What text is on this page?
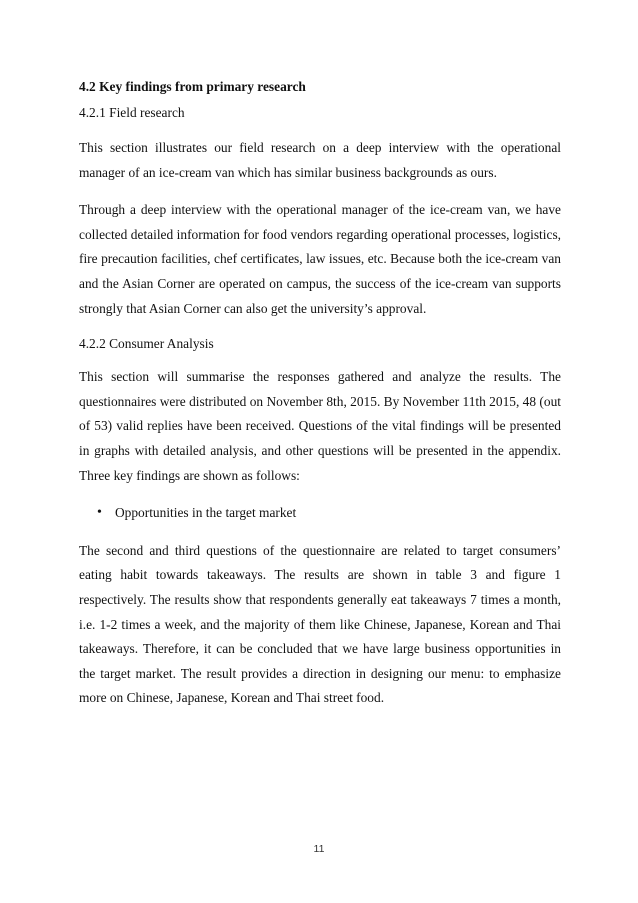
4.2 Key findings from primary research
4.2.1 Field research

This section illustrates our field research on a deep interview with the operational manager of an ice-cream van which has similar business backgrounds as ours.

Through a deep interview with the operational manager of the ice-cream van, we have collected detailed information for food vendors regarding operational processes, logistics, fire precaution facilities, chef certificates, law issues, etc. Because both the ice-cream van and the Asian Corner are operated on campus, the success of the ice-cream van supports strongly that Asian Corner can also get the university’s approval.

4.2.2 Consumer Analysis

This section will summarise the responses gathered and analyze the results. The questionnaires were distributed on November 8th, 2015. By November 11th 2015, 48 (out of 53) valid replies have been received. Questions of the vital findings will be presented in graphs with detailed analysis, and other questions will be presented in the appendix. Three key findings are shown as follows:

• Opportunities in the target market

The second and third questions of the questionnaire are related to target consumers’ eating habit towards takeaways. The results are shown in table 3 and figure 1 respectively. The results show that respondents generally eat takeaways 7 times a month, i.e. 1-2 times a week, and the majority of them like Chinese, Japanese, Korean and Thai takeaways. Therefore, it can be concluded that we have large business opportunities in the target market. The result provides a direction in designing our menu: to emphasize more on Chinese, Japanese, Korean and Thai street food.

11
